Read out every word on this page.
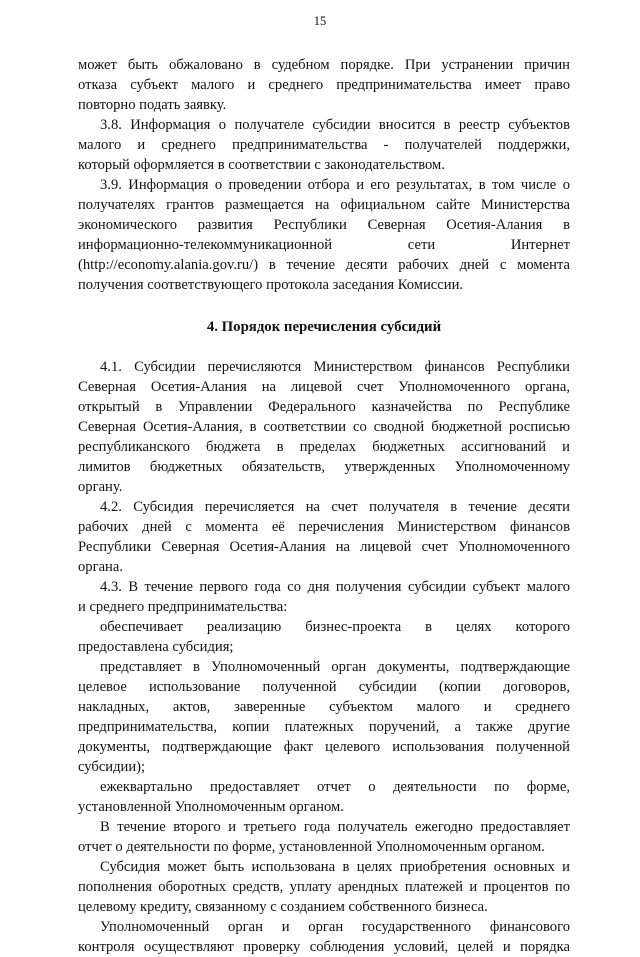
15
может быть обжаловано в судебном порядке. При устранении причин
отказа субъект малого и среднего предпринимательства имеет право
повторно подать заявку.
3.8. Информация о получателе субсидии вносится в реестр субъектов
малого и среднего предпринимательства - получателей поддержки,
который оформляется в соответствии с законодательством.
3.9. Информация о проведении отбора и его результатах, в том числе о
получателях грантов размещается на официальном сайте Министерства
экономического развития Республики Северная Осетия-Алания в
информационно-телекоммуникационной сети Интернет
(http://economy.alania.gov.ru/) в течение десяти рабочих дней с момента
получения соответствующего протокола заседания Комиссии.
4. Порядок перечисления субсидий
4.1. Субсидии перечисляются Министерством финансов Республики
Северная Осетия-Алания на лицевой счет Уполномоченного органа,
открытый в Управлении Федерального казначейства по Республике
Северная Осетия-Алания, в соответствии со сводной бюджетной росписью
республиканского бюджета в пределах бюджетных ассигнований и
лимитов бюджетных обязательств, утвержденных Уполномоченному
органу.
4.2. Субсидия перечисляется на счет получателя в течение десяти
рабочих дней с момента её перечисления Министерством финансов
Республики Северная Осетия-Алания на лицевой счет Уполномоченного
органа.
4.3. В течение первого года со дня получения субсидии субъект малого
и среднего предпринимательства:
обеспечивает реализацию бизнес-проекта в целях которого
предоставлена субсидия;
представляет в Уполномоченный орган документы, подтверждающие
целевое использование полученной субсидии (копии договоров,
накладных, актов, заверенные субъектом малого и среднего
предпринимательства, копии платежных поручений, а также другие
документы, подтверждающие факт целевого использования полученной
субсидии);
ежеквартально предоставляет отчет о деятельности по форме,
установленной Уполномоченным органом.
В течение второго и третьего года получатель ежегодно предоставляет
отчет о деятельности по форме, установленной Уполномоченным органом.
Субсидия может быть использована в целях приобретения основных и
пополнения оборотных средств, уплату арендных платежей и процентов по
целевому кредиту, связанному с созданием собственного бизнеса.
Уполномоченный орган и орган государственного финансового
контроля осуществляют проверку соблюдения условий, целей и порядка
